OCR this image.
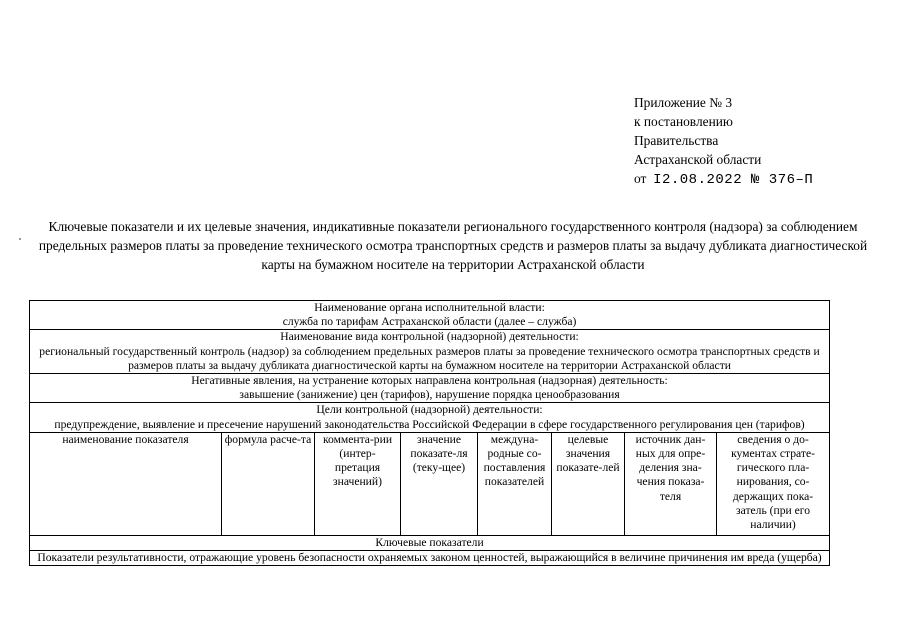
Приложение № 3
к постановлению
Правительства
Астраханской области
от I2.08.2022 № 376–П
Ключевые показатели и их целевые значения, индикативные показатели регионального государственного контроля (надзора) за соблюдением предельных размеров платы за проведение технического осмотра транспортных средств и размеров платы за выдачу дубликата диагностической карты на бумажном носителе на территории Астраханской области
Наименование органа исполнительной власти:
служба по тарифам Астраханской области (далее – служба)

Наименование вида контрольной (надзорной) деятельности:
региональный государственный контроль (надзор) за соблюдением предельных размеров платы за проведение технического осмотра транспортных средств и размеров платы за выдачу дубликата диагностической карты на бумажном носителе на территории Астраханской области

Негативные явления, на устранение которых направлена контрольная (надзорная) деятельность:
завышение (занижение) цен (тарифов), нарушение порядка ценообразования

Цели контрольной (надзорной) деятельности:
предупреждение, выявление и пресечение нарушений законодательства Российской Федерации в сфере государственного регулирования цен (тарифов)

наименование показателя	формула расче-та	коммента-рии (интер-претация значений)	значение показате-ля (теку-щее)	междуна-родные со-поставления показателей	целевые значения показате-лей	источник дан-ных для опре-деления зна-чения показа-теля	сведения о до-кументах страте-гического пла-нирования, со-держащих пока-затель (при его наличии)
Ключевые показатели
Показатели результативности, отражающие уровень безопасности охраняемых законом ценностей, выражающийся в величине причинения им вреда (ущерба)
